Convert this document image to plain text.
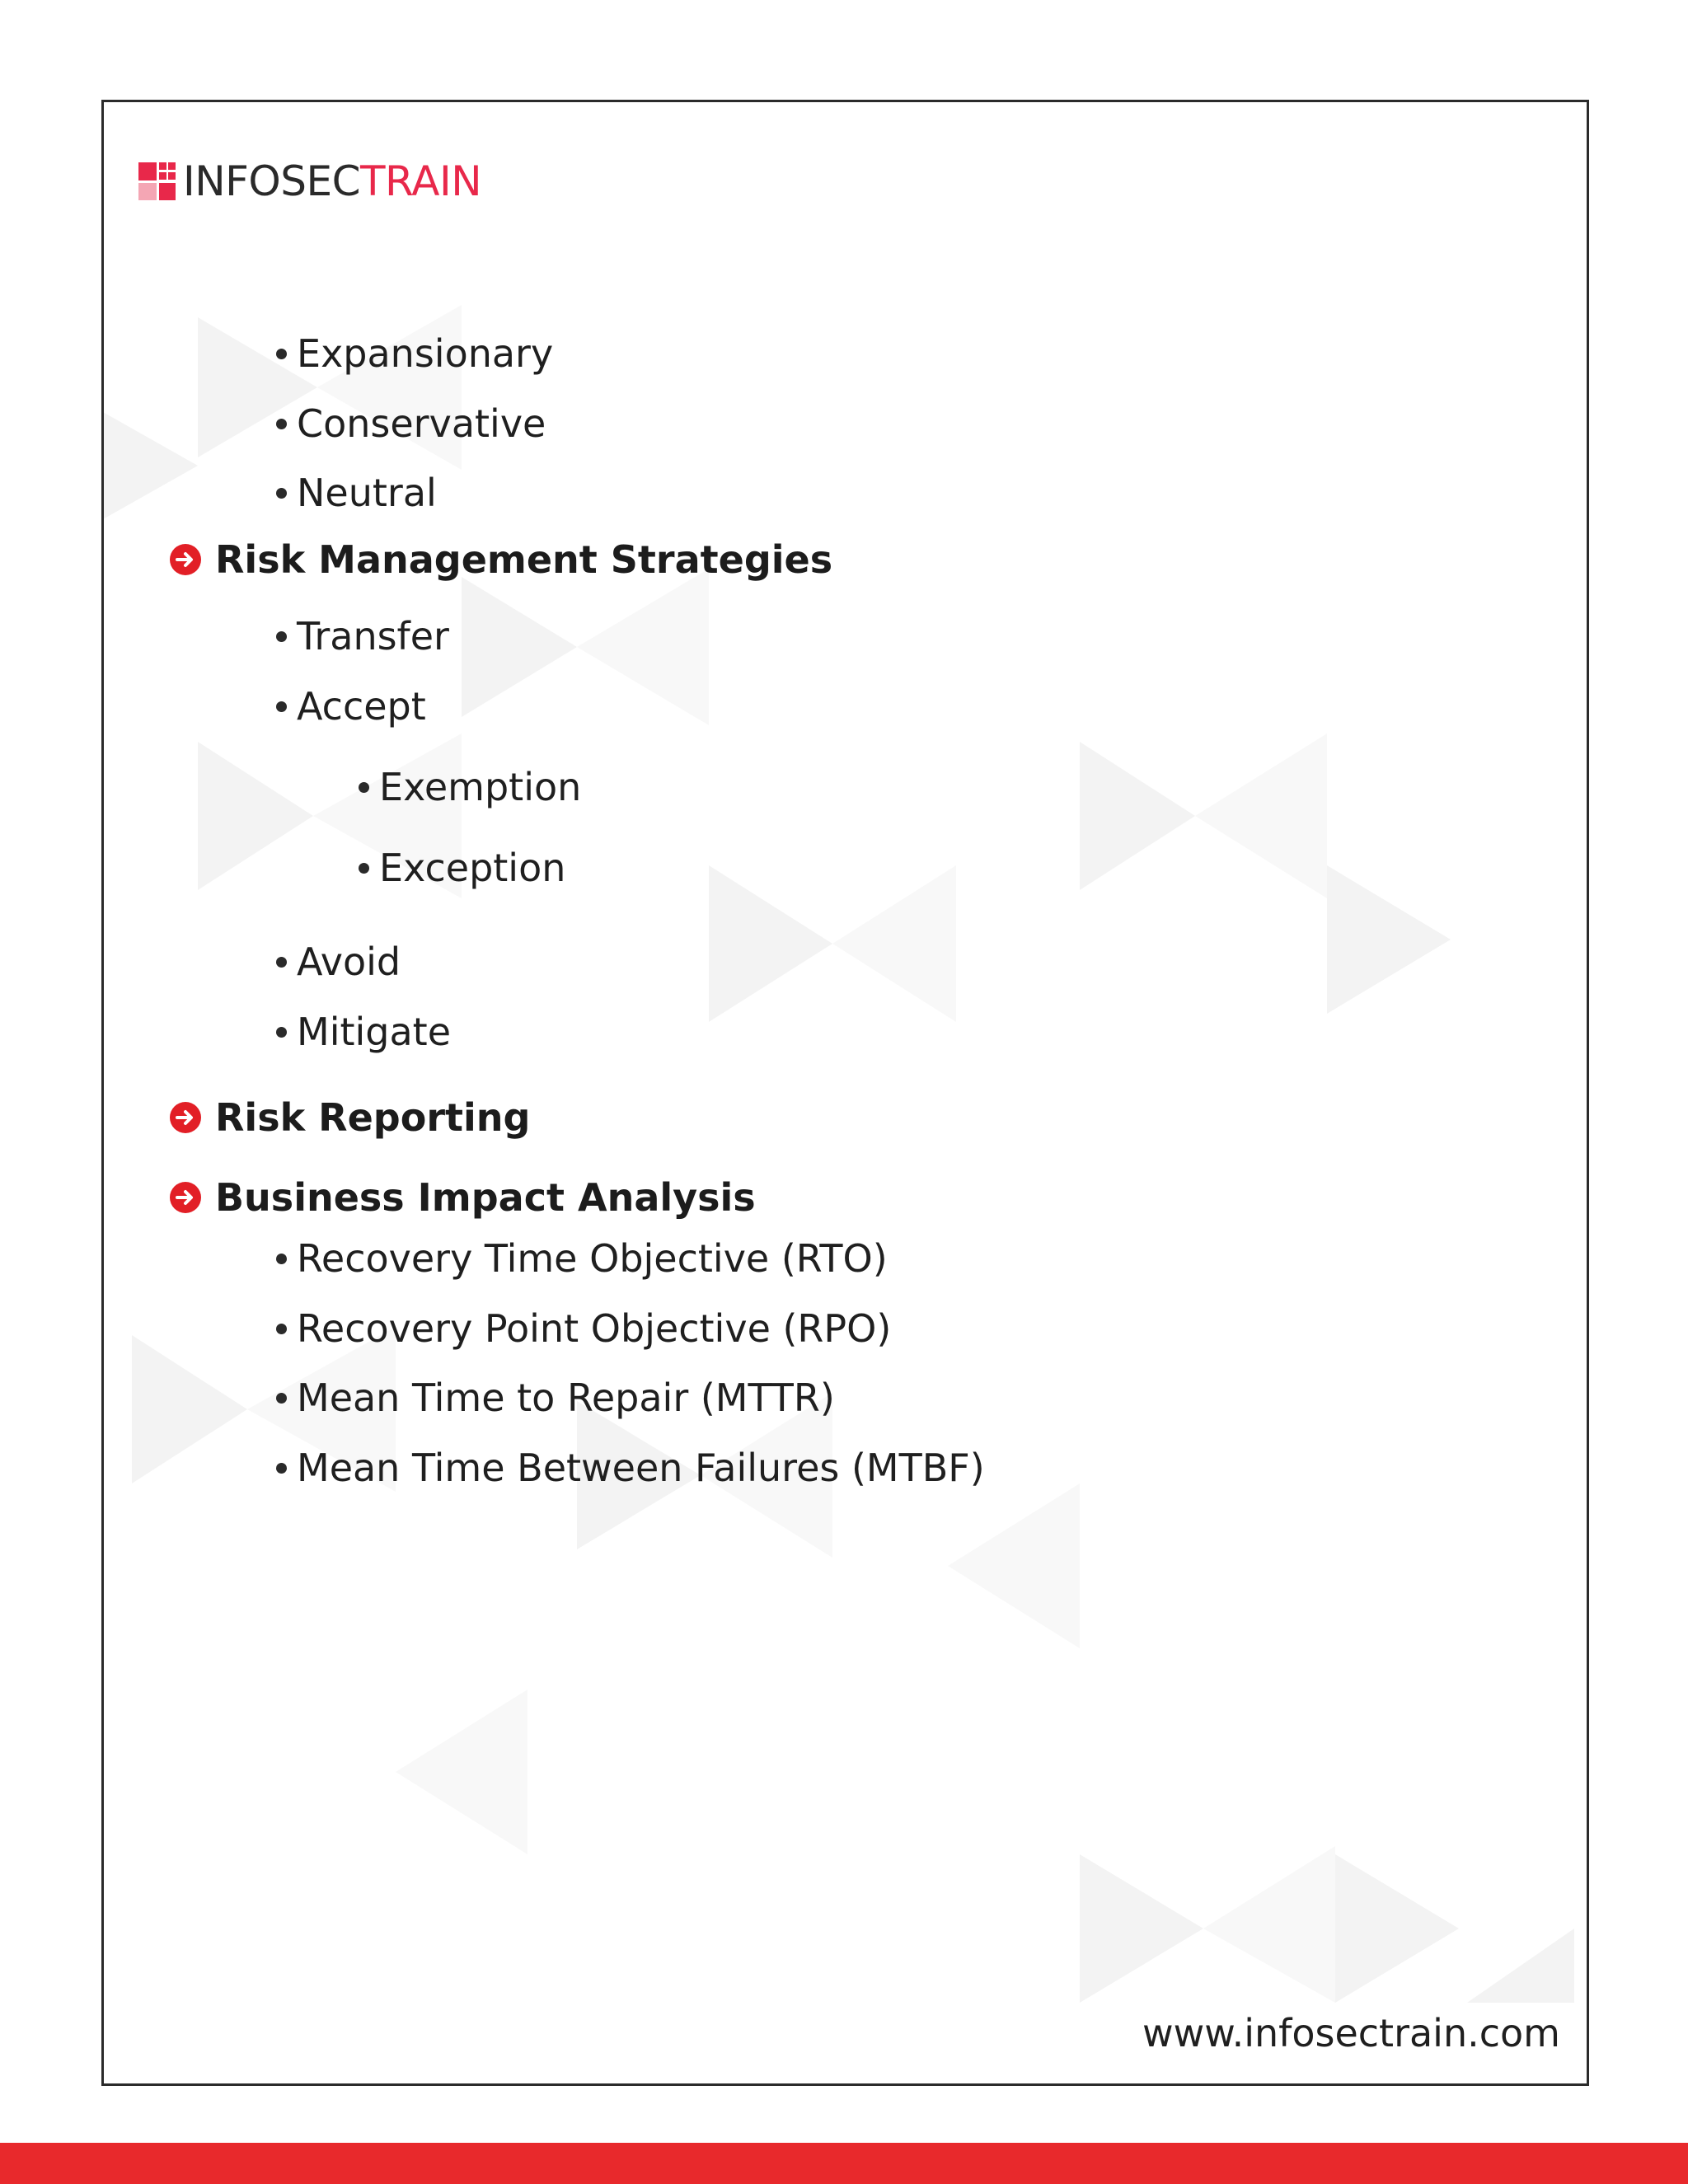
INFOSECTRAIN
Expansionary
Conservative
Neutral
Risk Management Strategies
Transfer
Accept
Exemption
Exception
Avoid
Mitigate
Risk Reporting
Business Impact Analysis
Recovery Time Objective (RTO)
Recovery Point Objective (RPO)
Mean Time to Repair (MTTR)
Mean Time Between Failures (MTBF)
www.infosectrain.com
